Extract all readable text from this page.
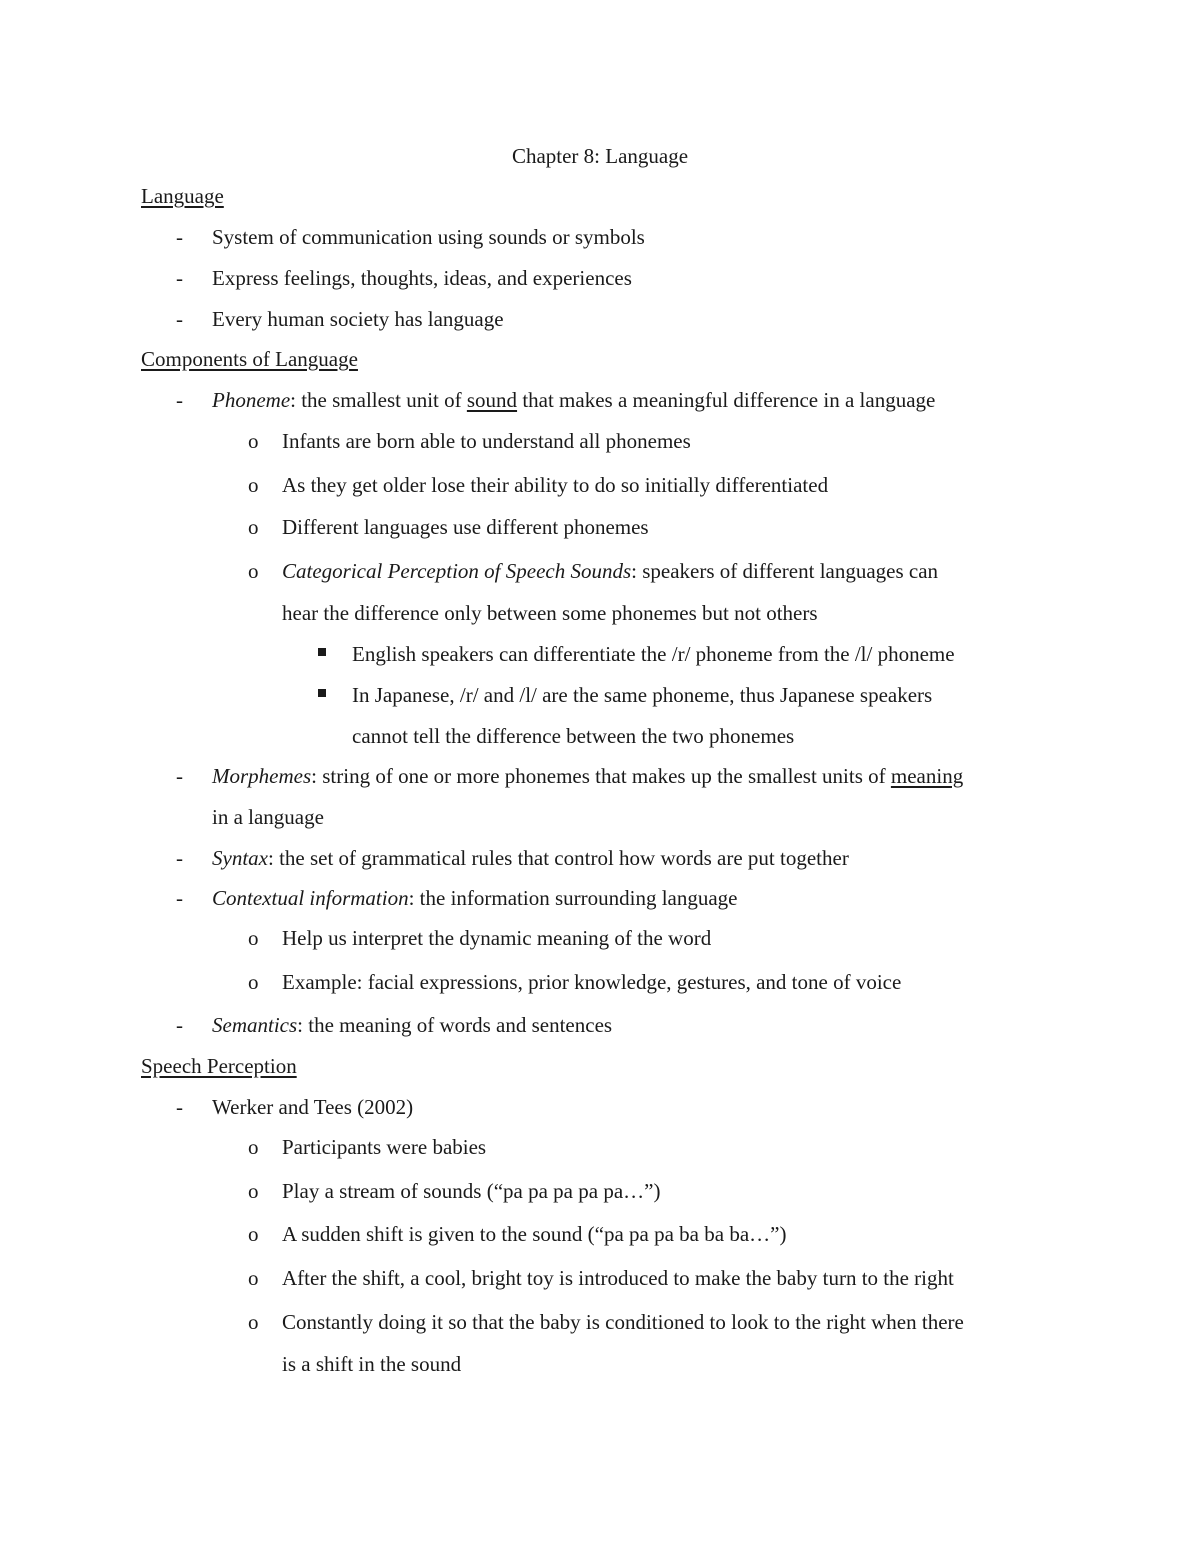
Chapter 8: Language
Language
- System of communication using sounds or symbols
- Express feelings, thoughts, ideas, and experiences
- Every human society has language
Components of Language
- Phoneme: the smallest unit of sound that makes a meaningful difference in a language
o Infants are born able to understand all phonemes
o As they get older lose their ability to do so initially differentiated
o Different languages use different phonemes
o Categorical Perception of Speech Sounds: speakers of different languages can
hear the difference only between some phonemes but not others
English speakers can differentiate the /r/ phoneme from the /l/ phoneme
In Japanese, /r/ and /l/ are the same phoneme, thus Japanese speakers
cannot tell the difference between the two phonemes
- Morphemes: string of one or more phonemes that makes up the smallest units of meaning
in a language
- Syntax: the set of grammatical rules that control how words are put together
- Contextual information: the information surrounding language
o Help us interpret the dynamic meaning of the word
o Example: facial expressions, prior knowledge, gestures, and tone of voice
- Semantics: the meaning of words and sentences
Speech Perception
- Werker and Tees (2002)
o Participants were babies
o Play a stream of sounds (“pa pa pa pa pa…”)
o A sudden shift is given to the sound (“pa pa pa ba ba ba…”)
o After the shift, a cool, bright toy is introduced to make the baby turn to the right
o Constantly doing it so that the baby is conditioned to look to the right when there
is a shift in the sound
